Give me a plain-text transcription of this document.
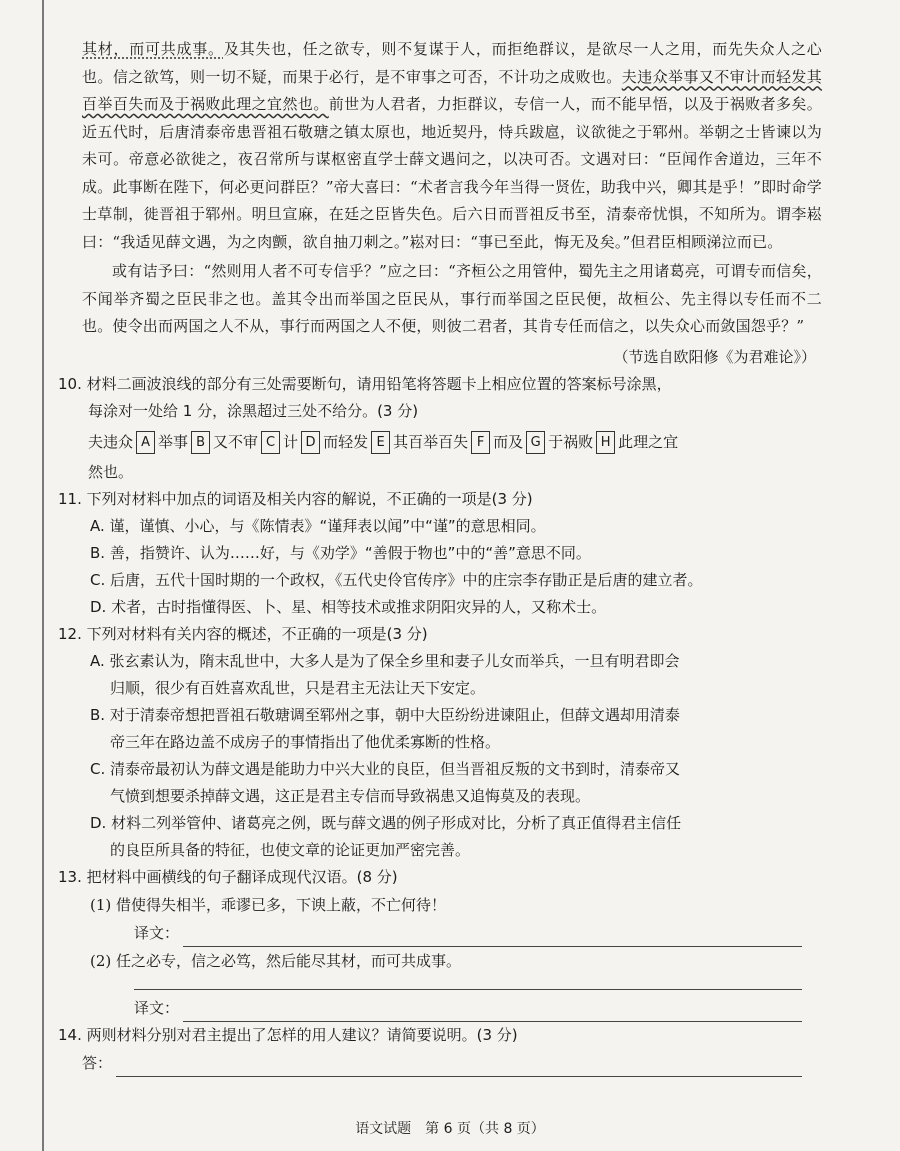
其材，而可共成事。及其失也，任之欲专，则不复谋于人，而拒绝群议，是欲尽一人之用，而先失众人之心也。信之欲笃，则一切不疑，而果于必行，是不审事之可否，不计功之成败也。夫违众举事又不审计而轻发其百举百失而及于祸败此理之宜然也。前世为人君者，力拒群议，专信一人，而不能早悟，以及于祸败者多矣。近五代时，后唐清泰帝患晋祖石敬瑭之镇太原也，地近契丹，恃兵跋扈，议欲徙之于郓州。举朝之士皆谏以为未可。帝意必欲徙之，夜召常所与谋枢密直学士薛文遇问之，以决可否。文遇对曰：“臣闻作舍道边，三年不成。此事断在陛下，何必更问群臣？”帝大喜曰：“术者言我今年当得一贤佐，助我中兴，卿其是乎！”即时命学士草制，徙晋祖于郓州。明旦宣麻，在廷之臣皆失色。后六日而晋祖反书至，清泰帝忧惧，不知所为。谓李崧曰：“我适见薛文遇，为之肉颤，欲自抽刀刺之。”崧对曰：“事已至此，悔无及矣。”但君臣相顾涕泣而已。

或有诘予曰：“然则用人者不可专信乎？”应之曰：“齐桓公之用管仲，蜀先主之用诸葛亮，可谓专而信矣，不闻举齐蜀之臣民非之也。盖其令出而举国之臣民从，事行而举国之臣民便，故桓公、先主得以专任而不二也。使令出而两国之人不从，事行而两国之人不便，则彼二君者，其肯专任而信之，以失众心而敛国怨乎？”

（节选自欧阳修《为君难论》）

10. 材料二画波浪线的部分有三处需要断句，请用铅笔将答题卡上相应位置的答案标号涂黑，

每涂对一处给 1 分，涂黑超过三处不给分。(3 分)

夫违众 A 举事 B 又不审 C 计 D 而轻发 E 其百举百失 F 而及 G 于祸败 H 此理之宜

然也。

11. 下列对材料中加点的词语及相关内容的解说，不正确的一项是(3 分)

A. 谨，谨慎、小心，与《陈情表》“谨拜表以闻”中“谨”的意思相同。

B. 善，指赞许、认为……好，与《劝学》“善假于物也”中的“善”意思不同。

C. 后唐，五代十国时期的一个政权，《五代史伶官传序》中的庄宗李存勖正是后唐的建立者。

D. 术者，古时指懂得医、卜、星、相等技术或推求阴阳灾异的人，又称术士。

12. 下列对材料有关内容的概述，不正确的一项是(3 分)

A. 张玄素认为，隋末乱世中，大多人是为了保全乡里和妻子儿女而举兵，一旦有明君即会

归顺，很少有百姓喜欢乱世，只是君主无法让天下安定。

B. 对于清泰帝想把晋祖石敬瑭调至郓州之事，朝中大臣纷纷进谏阻止，但薛文遇却用清泰

帝三年在路边盖不成房子的事情指出了他优柔寡断的性格。

C. 清泰帝最初认为薛文遇是能助力中兴大业的良臣，但当晋祖反叛的文书到时，清泰帝又

气愤到想要杀掉薛文遇，这正是君主专信而导致祸患又追悔莫及的表现。

D. 材料二列举管仲、诸葛亮之例，既与薛文遇的例子形成对比，分析了真正值得君主信任

的良臣所具备的特征，也使文章的论证更加严密完善。

13. 把材料中画横线的句子翻译成现代汉语。(8 分)

(1) 借使得失相半，乖谬已多，下谀上蔽，不亡何待！

译文：

(2) 任之必专，信之必笃，然后能尽其材，而可共成事。

译文：

14. 两则材料分别对君主提出了怎样的用人建议？请简要说明。(3 分)

答：
语文试题　第 6 页（共 8 页）
